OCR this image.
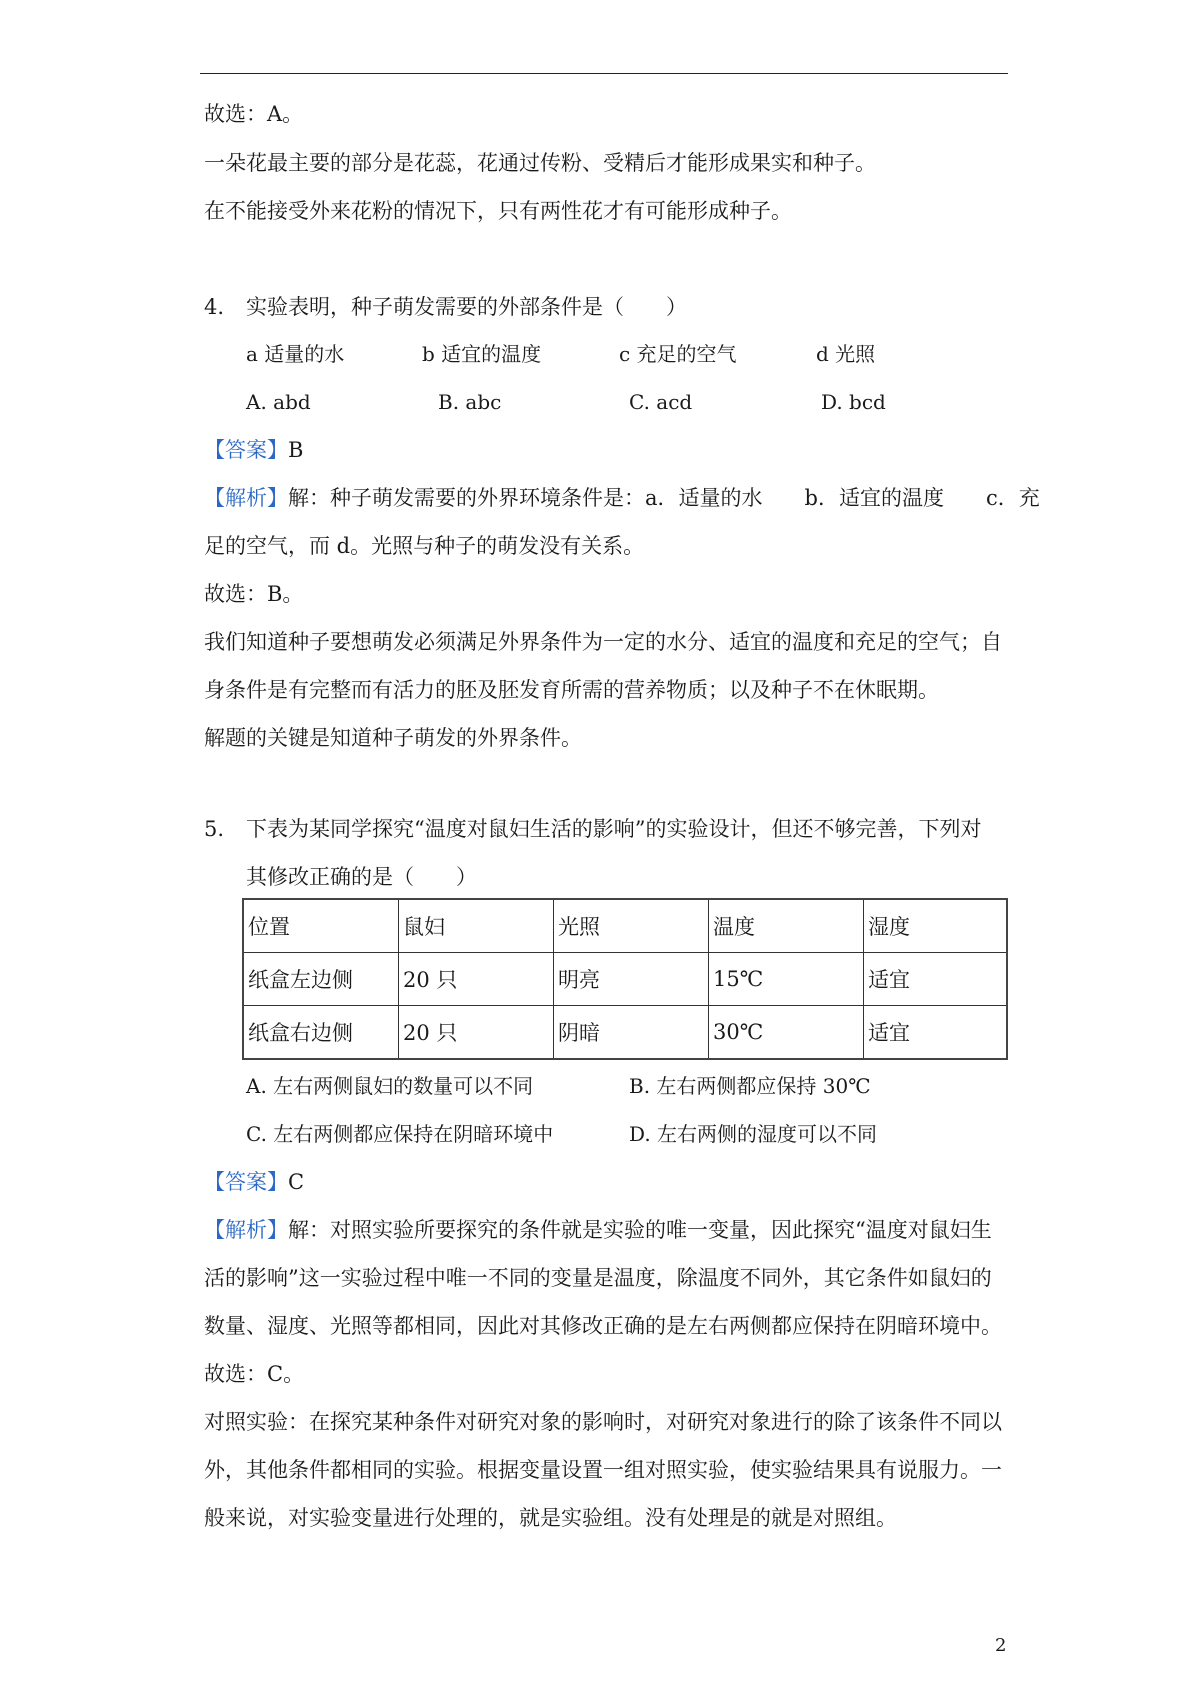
故选：A。
一朵花最主要的部分是花蕊，花通过传粉、受精后才能形成果实和种子。
在不能接受外来花粉的情况下，只有两性花才有可能形成种子。
4. 实验表明，种子萌发需要的外部条件是（　　）
a 适量的水	b 适宜的温度	c 充足的空气	d 光照
A. abd	B. abc	C. acd	D. bcd
【答案】B
【解析】解：种子萌发需要的外界环境条件是：a．适量的水　　b．适宜的温度　　c．充
足的空气，而 d。光照与种子的萌发没有关系。
故选：B。
我们知道种子要想萌发必须满足外界条件为一定的水分、适宜的温度和充足的空气；自
身条件是有完整而有活力的胚及胚发育所需的营养物质；以及种子不在休眠期。
解题的关键是知道种子萌发的外界条件。
5. 下表为某同学探究“温度对鼠妇生活的影响”的实验设计，但还不够完善，下列对
其修改正确的是（　　）
位置	鼠妇	光照	温度	湿度
纸盒左边侧	20 只	明亮	15℃	适宜
纸盒右边侧	20 只	阴暗	30℃	适宜
A. 左右两侧鼠妇的数量可以不同	B. 左右两侧都应保持 30℃
C. 左右两侧都应保持在阴暗环境中	D. 左右两侧的湿度可以不同
【答案】C
【解析】解：对照实验所要探究的条件就是实验的唯一变量，因此探究“温度对鼠妇生
活的影响”这一实验过程中唯一不同的变量是温度，除温度不同外，其它条件如鼠妇的
数量、湿度、光照等都相同，因此对其修改正确的是左右两侧都应保持在阴暗环境中。
故选：C。
对照实验：在探究某种条件对研究对象的影响时，对研究对象进行的除了该条件不同以
外，其他条件都相同的实验。根据变量设置一组对照实验，使实验结果具有说服力。一
般来说，对实验变量进行处理的，就是实验组。没有处理是的就是对照组。
2
